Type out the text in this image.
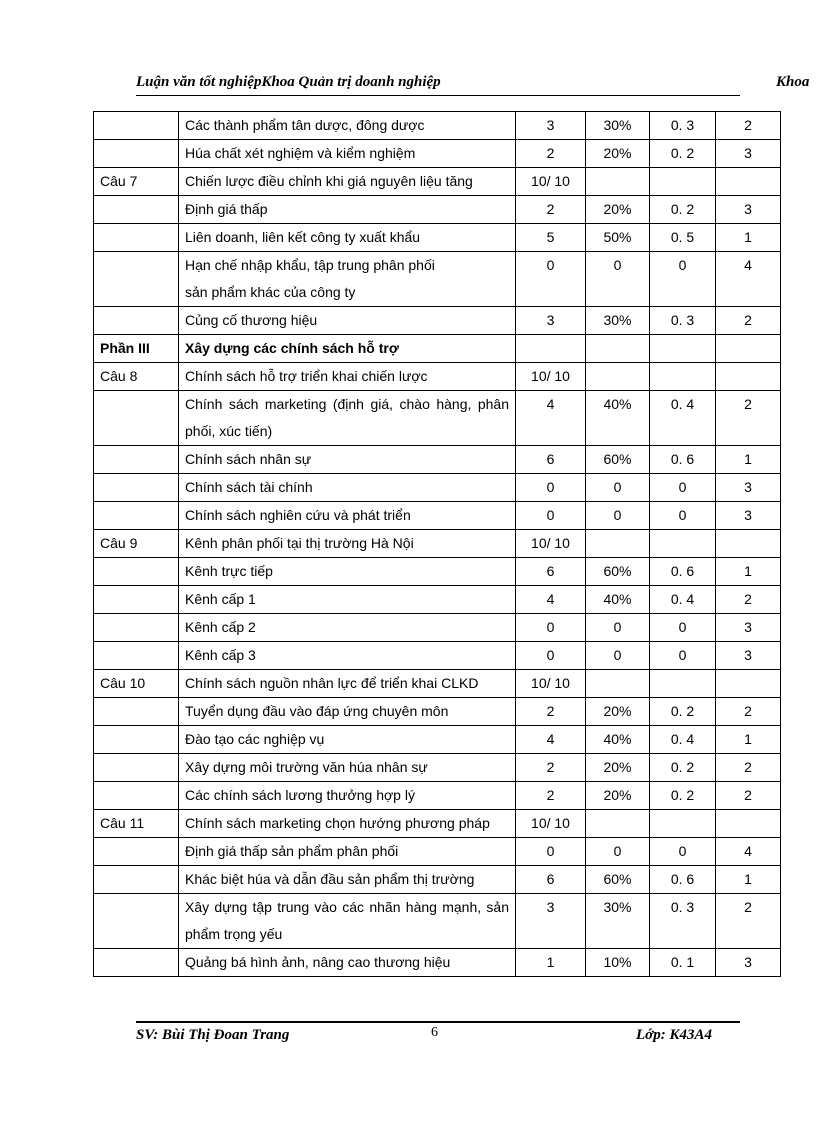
Luận văn tốt nghiệpKhoa Quản trị doanh nghiệp	Khoa
	Các thành phẩm tân dược, đông dược	3	30%	0. 3	2
	Húa chất xét nghiệm và kiểm nghiệm	2	20%	0. 2	3
Câu 7	Chiến lược điều chỉnh khi giá nguyên liệu tăng	10/ 10			
	Định giá thấp	2	20%	0. 2	3
	Liên doanh, liên kết công ty xuất khẩu	5	50%	0. 5	1
	Hạn chế nhập khẩu, tập trung phân phối
sản phẩm khác của công ty	0	0	0	4
	Củng cố thương hiệu	3	30%	0. 3	2
Phần III	Xây dựng các chính sách hỗ trợ				
Câu 8	Chính sách hỗ trợ triển khai chiến lược	10/ 10			
	Chính sách marketing (định giá, chào hàng, phân phối, xúc tiến)	4	40%	0. 4	2
	Chính sách nhân sự	6	60%	0. 6	1
	Chính sách tài chính	0	0	0	3
	Chính sách nghiên cứu và phát triển	0	0	0	3
Câu 9	Kênh phân phối tại thị trường Hà Nội	10/ 10			
	Kênh trực tiếp	6	60%	0. 6	1
	Kênh cấp 1	4	40%	0. 4	2
	Kênh cấp 2	0	0	0	3
	Kênh cấp 3	0	0	0	3
Câu 10	Chính sách nguồn nhân lực để triển khai CLKD	10/ 10			
	Tuyển dụng đầu vào đáp ứng chuyên môn	2	20%	0. 2	2
	Đào tạo các nghiệp vụ	4	40%	0. 4	1
	Xây dựng môi trường văn húa nhân sự	2	20%	0. 2	2
	Các chính sách lương thưởng hợp lý	2	20%	0. 2	2
Câu 11	Chính sách marketing chọn hướng phương pháp	10/ 10			
	Định giá thấp sản phẩm phân phối	0	0	0	4
	Khác biệt húa và dẫn đầu sản phẩm thị trường	6	60%	0. 6	1
	Xây dựng tập trung vào các nhãn hàng mạnh, sản phẩm trọng yếu	3	30%	0. 3	2
	Quảng bá hình ảnh, nâng cao thương hiệu	1	10%	0. 1	3
SV: Bùi Thị Đoan Trang	6	Lớp: K43A4
